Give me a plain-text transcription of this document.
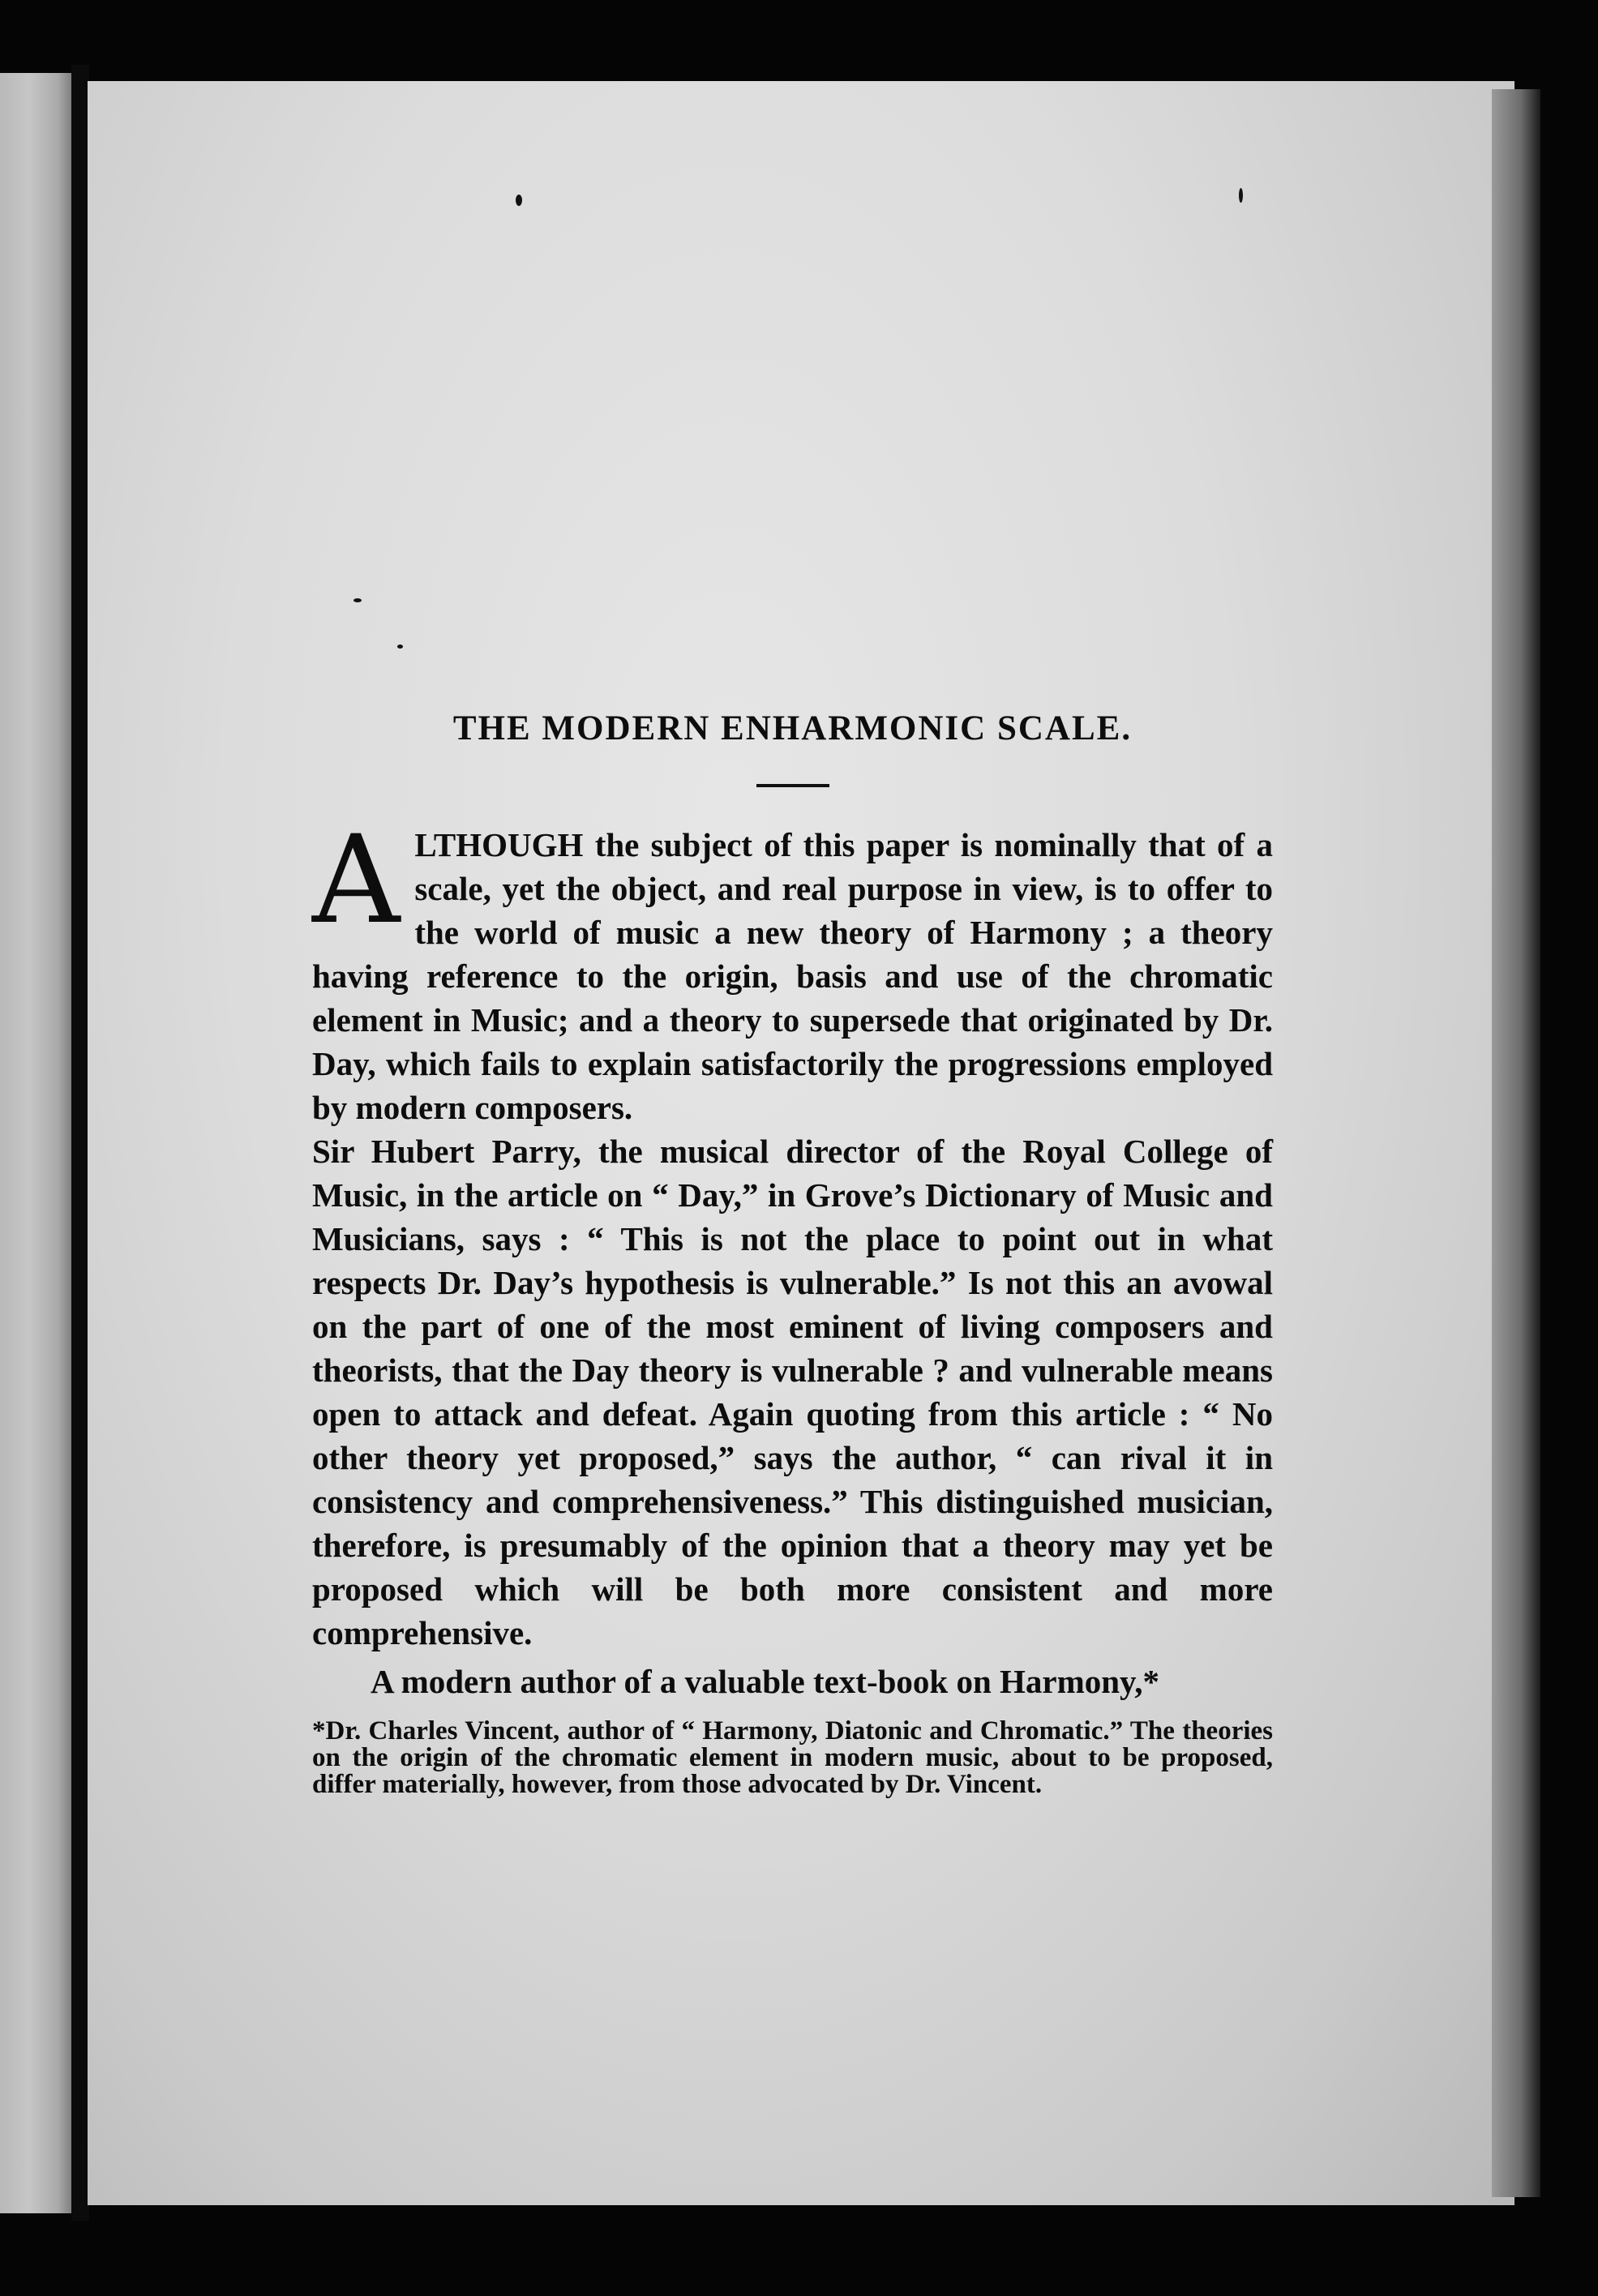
THE MODERN ENHARMONIC SCALE.

ALTHOUGH the subject of this paper is nominally that of a scale, yet the object, and real purpose in view, is to offer to the world of music a new theory of Harmony ; a theory having reference to the origin, basis and use of the chromatic element in Music; and a theory to supersede that originated by Dr. Day, which fails to explain satisfactorily the progressions employed by modern composers.

Sir Hubert Parry, the musical director of the Royal College of Music, in the article on “ Day,” in Grove’s Dictionary of Music and Musicians, says : “ This is not the place to point out in what respects Dr. Day’s hypothesis is vulnerable.” Is not this an avowal on the part of one of the most eminent of living composers and theorists, that the Day theory is vulnerable ? and vulnerable means open to attack and defeat. Again quoting from this article : “ No other theory yet proposed,” says the author, “ can rival it in consistency and comprehensiveness.” This distinguished musician, therefore, is presumably of the opinion that a theory may yet be proposed which will be both more consistent and more comprehensive.

A modern author of a valuable text-book on Harmony,*

*Dr. Charles Vincent, author of “ Harmony, Diatonic and Chromatic.” The theories on the origin of the chromatic element in modern music, about to be proposed, differ materially, however, from those advocated by Dr. Vincent.
